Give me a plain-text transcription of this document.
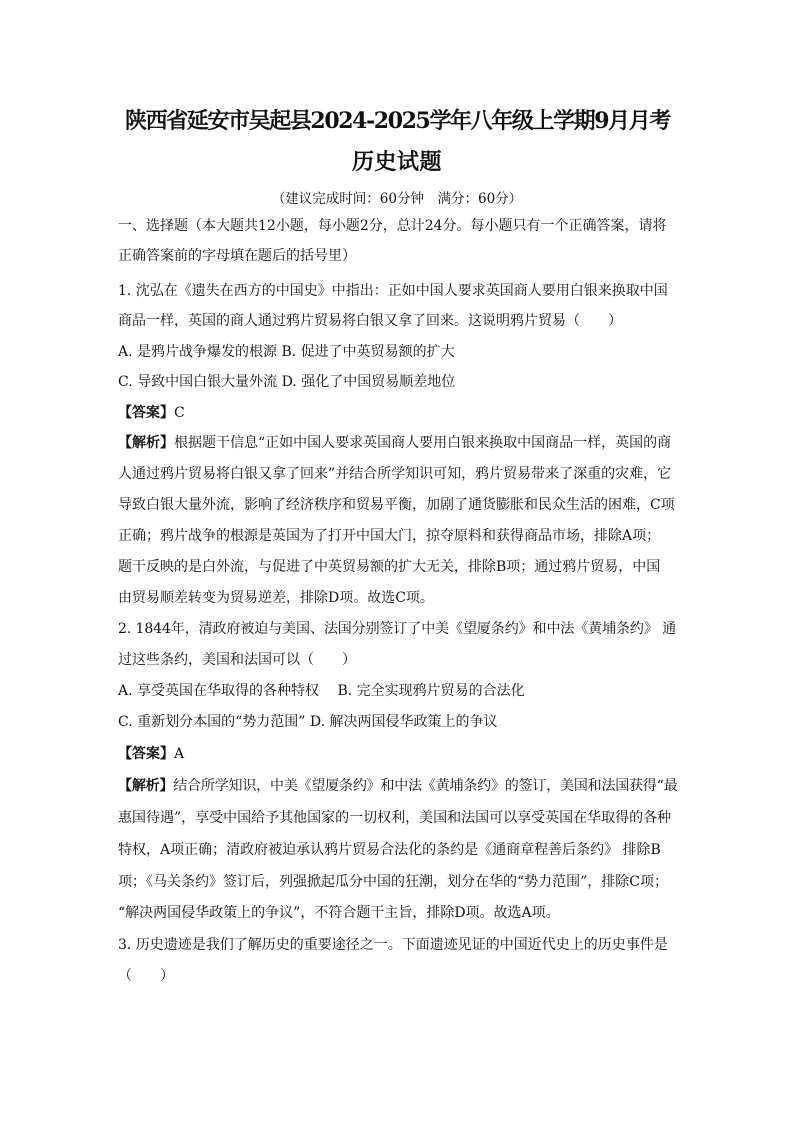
陕西省延安市吴起县2024-2025学年八年级上学期9月月考
历史试题
（建议完成时间：60分钟　满分：60分）
一、选择题（本大题共12小题，每小题2分，总计24分。每小题只有一个正确答案，请将
正确答案前的字母填在题后的括号里）
1. 沈弘在《遗失在西方的中国史》中指出：正如中国人要求英国商人要用白银来换取中国
商品一样，英国的商人通过鸦片贸易将白银又拿了回来。这说明鸦片贸易（　　）
A. 是鸦片战争爆发的根源 B. 促进了中英贸易额的扩大
C. 导致中国白银大量外流 D. 强化了中国贸易顺差地位
【答案】C
【解析】根据题干信息“正如中国人要求英国商人要用白银来换取中国商品一样，英国的商
人通过鸦片贸易将白银又拿了回来”并结合所学知识可知，鸦片贸易带来了深重的灾难，它
导致白银大量外流，影响了经济秩序和贸易平衡，加剧了通货膨胀和民众生活的困难，C项
正确；鸦片战争的根源是英国为了打开中国大门，掠夺原料和获得商品市场，排除A项；
题干反映的是白外流，与促进了中英贸易额的扩大无关，排除B项；通过鸦片贸易，中国
由贸易顺差转变为贸易逆差，排除D项。故选C项。
2. 1844年，清政府被迫与美国、法国分别签订了中美《望厦条约》和中法《黄埔条约》 通
过这些条约，美国和法国可以（　　）
A. 享受英国在华取得的各种特权　 B. 完全实现鸦片贸易的合法化
C. 重新划分本国的“势力范围” D. 解决两国侵华政策上的争议
【答案】A
【解析】结合所学知识，中美《望厦条约》和中法《黄埔条约》的签订，美国和法国获得“最
惠国待遇”，享受中国给予其他国家的一切权利，美国和法国可以享受英国在华取得的各种
特权，A项正确；清政府被迫承认鸦片贸易合法化的条约是《通商章程善后条约》 排除B
项；《马关条约》签订后，列强掀起瓜分中国的狂潮，划分在华的“势力范围”，排除C项；
“解决两国侵华政策上的争议”，不符合题干主旨，排除D项。故选A项。
3. 历史遗迹是我们了解历史的重要途径之一。下面遗迹见证的中国近代史上的历史事件是
（　　）
